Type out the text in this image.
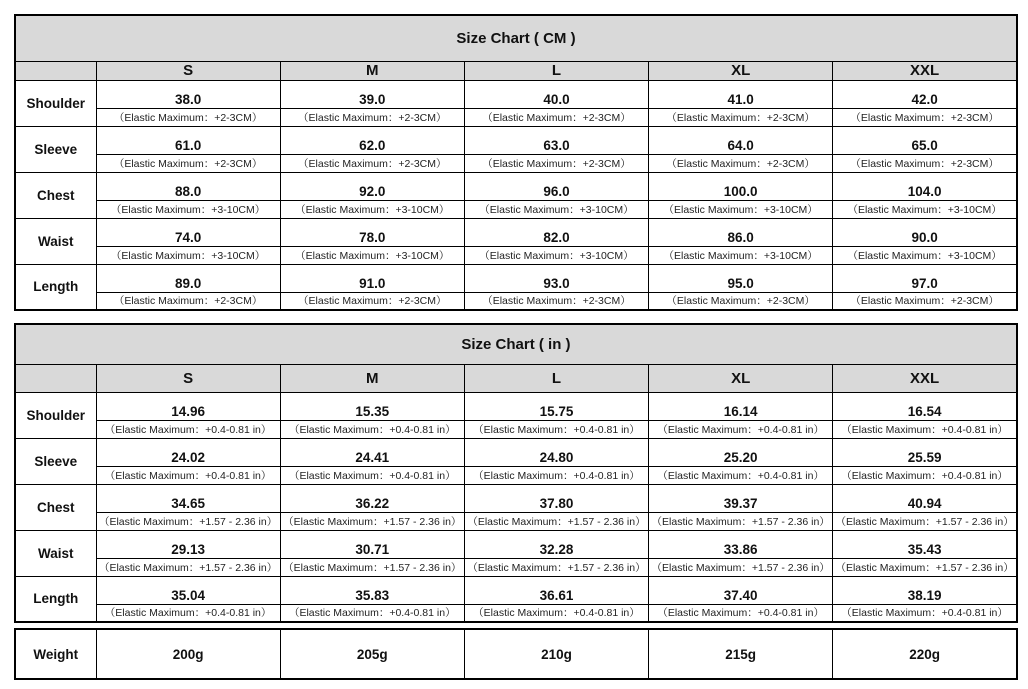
Size Chart ( CM )					
	S	M	L	XL	XXL
Shoulder	38.0	39.0	40.0	41.0	42.0
	（Elastic Maximum：+2-3CM）	（Elastic Maximum：+2-3CM）	（Elastic Maximum：+2-3CM）	（Elastic Maximum：+2-3CM）	（Elastic Maximum：+2-3CM）
Sleeve	61.0	62.0	63.0	64.0	65.0
	（Elastic Maximum：+2-3CM）	（Elastic Maximum：+2-3CM）	（Elastic Maximum：+2-3CM）	（Elastic Maximum：+2-3CM）	（Elastic Maximum：+2-3CM）
Chest	88.0	92.0	96.0	100.0	104.0
	（Elastic Maximum：+3-10CM）	（Elastic Maximum：+3-10CM）	（Elastic Maximum：+3-10CM）	（Elastic Maximum：+3-10CM）	（Elastic Maximum：+3-10CM）
Waist	74.0	78.0	82.0	86.0	90.0
	（Elastic Maximum：+3-10CM）	（Elastic Maximum：+3-10CM）	（Elastic Maximum：+3-10CM）	（Elastic Maximum：+3-10CM）	（Elastic Maximum：+3-10CM）
Length	89.0	91.0	93.0	95.0	97.0
	（Elastic Maximum：+2-3CM）	（Elastic Maximum：+2-3CM）	（Elastic Maximum：+2-3CM）	（Elastic Maximum：+2-3CM）	（Elastic Maximum：+2-3CM）
Size Chart ( in )					
	S	M	L	XL	XXL
Shoulder	14.96	15.35	15.75	16.14	16.54
	（Elastic Maximum：+0.4-0.81 in）	（Elastic Maximum：+0.4-0.81 in）	（Elastic Maximum：+0.4-0.81 in）	（Elastic Maximum：+0.4-0.81 in）	（Elastic Maximum：+0.4-0.81 in）
Sleeve	24.02	24.41	24.80	25.20	25.59
	（Elastic Maximum：+0.4-0.81 in）	（Elastic Maximum：+0.4-0.81 in）	（Elastic Maximum：+0.4-0.81 in）	（Elastic Maximum：+0.4-0.81 in）	（Elastic Maximum：+0.4-0.81 in）
Chest	34.65	36.22	37.80	39.37	40.94
	（Elastic Maximum：+1.57 - 2.36 in）	（Elastic Maximum：+1.57 - 2.36 in）	（Elastic Maximum：+1.57 - 2.36 in）	（Elastic Maximum：+1.57 - 2.36 in）	（Elastic Maximum：+1.57 - 2.36 in）
Waist	29.13	30.71	32.28	33.86	35.43
	（Elastic Maximum：+1.57 - 2.36 in）	（Elastic Maximum：+1.57 - 2.36 in）	（Elastic Maximum：+1.57 - 2.36 in）	（Elastic Maximum：+1.57 - 2.36 in）	（Elastic Maximum：+1.57 - 2.36 in）
Length	35.04	35.83	36.61	37.40	38.19
	（Elastic Maximum：+0.4-0.81 in）	（Elastic Maximum：+0.4-0.81 in）	（Elastic Maximum：+0.4-0.81 in）	（Elastic Maximum：+0.4-0.81 in）	（Elastic Maximum：+0.4-0.81 in）
Weight	200g	205g	210g	215g	220g
